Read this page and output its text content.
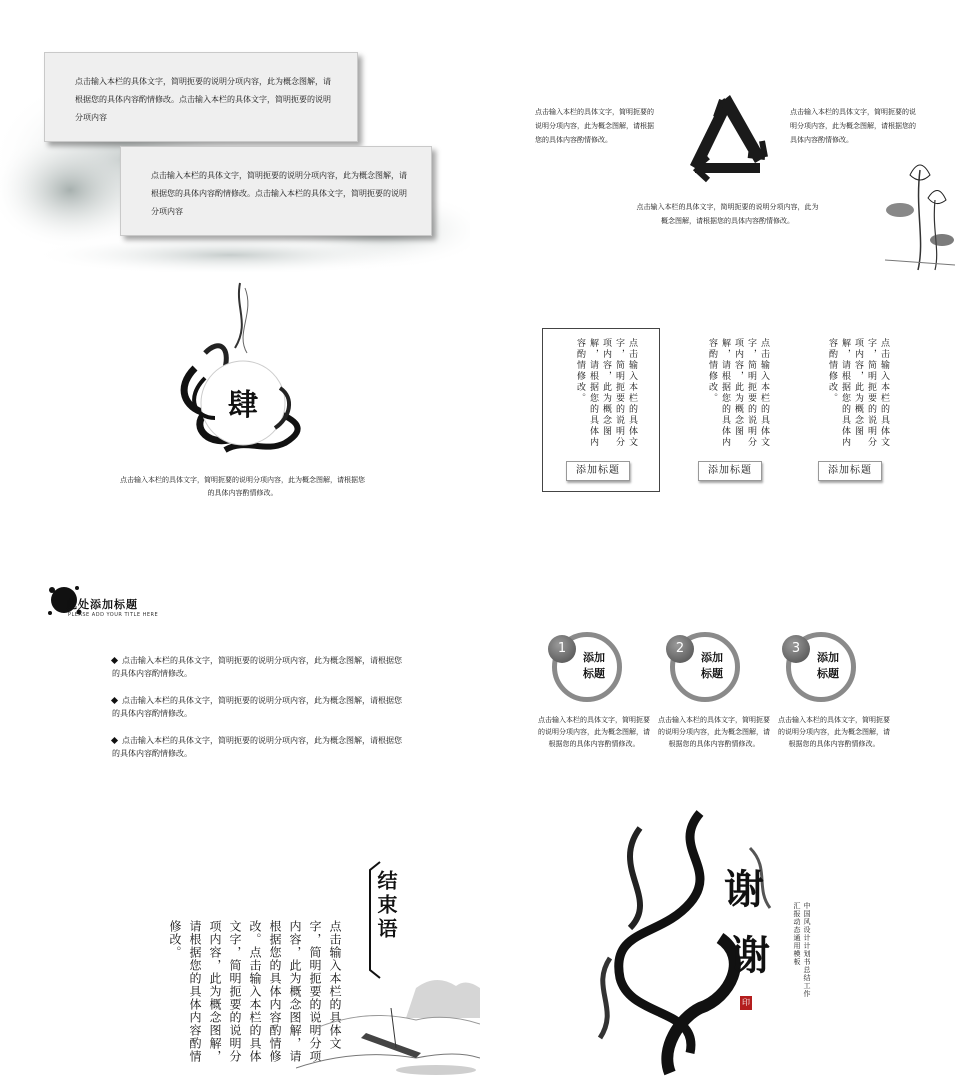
点击输入本栏的具体文字，简明扼要的说明分项内容，此为概念图解，请根据您的具体内容酌情修改。点击输入本栏的具体文字，简明扼要的说明分项内容
点击输入本栏的具体文字，简明扼要的说明分项内容，此为概念图解，请根据您的具体内容酌情修改。点击输入本栏的具体文字，简明扼要的说明分项内容
点击输入本栏的具体文字，简明扼要的说明分项内容，此为概念图解，请根据您的具体内容酌情修改。
点击输入本栏的具体文字，简明扼要的说明分项内容，此为概念图解，请根据您的具体内容酌情修改。
点击输入本栏的具体文字，简明扼要的说明分项内容，此为概念图解，请根据您的具体内容酌情修改。
肆
点击输入本栏的具体文字，简明扼要的说明分项内容，此为概念图解，请根据您的具体内容酌情修改。
点击输入本栏的具体文字，简明扼要的说明分项内容，此为概念图解，请根据您的具体内容酌情修改。
添加标题
点击输入本栏的具体文字，简明扼要的说明分项内容，此为概念图解，请根据您的具体内容酌情修改。
添加标题
点击输入本栏的具体文字，简明扼要的说明分项内容，此为概念图解，请根据您的具体内容酌情修改。
添加标题
此处添加标题
PLEASE ADD YOUR TITLE HERE
点击输入本栏的具体文字，简明扼要的说明分项内容，此为概念图解，请根据您的具体内容酌情修改。
点击输入本栏的具体文字，简明扼要的说明分项内容，此为概念图解，请根据您的具体内容酌情修改。
点击输入本栏的具体文字，简明扼要的说明分项内容，此为概念图解，请根据您的具体内容酌情修改。
1
添加
标题
点击输入本栏的具体文字，简明扼要的说明分项内容，此为概念图解，请根据您的具体内容酌情修改。
2
添加
标题
点击输入本栏的具体文字，简明扼要的说明分项内容，此为概念图解，请根据您的具体内容酌情修改。
3
添加
标题
点击输入本栏的具体文字，简明扼要的说明分项内容，此为概念图解，请根据您的具体内容酌情修改。
结束语
点击输入本栏的具体文字，简明扼要的说明分项内容，此为概念图解，请根据您的具体内容酌情修改。点击输入本栏的具体文字，简明扼要的说明分项内容，此为概念图解，请根据您的具体内容酌情修改。
谢
谢	中国风设计计划书总结工作汇报动态通用模板
印
